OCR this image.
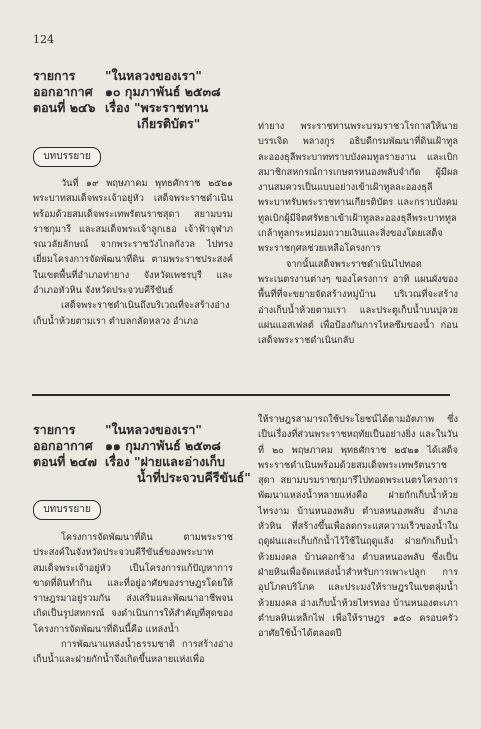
124
รายการ	"ในหลวงของเรา"
ออกอากาศ ๑๐ กุมภาพันธ์ ๒๕๓๘
ตอนที่ ๒๔๖ เรื่อง "พระราชทาน
เกียรติบัตร"
บทบรรยาย

วันที่ ๑๙ พฤษภาคม พุทธศักราช ๒๕๒๑ พระบาทสมเด็จพระเจ้าอยู่หัว เสด็จพระราชดำเนินพร้อมด้วยสมเด็จพระเทพรัตนราชสุดา สยามบรมราชกุมารี และสมเด็จพระเจ้าลูกเธอ เจ้าฟ้าจุฬาภรณวลัยลักษณ์ จากพระราชวังไกลกังวล ไปทรงเยี่ยมโครงการจัดพัฒนาที่ดิน ตามพระราชประสงค์ ในเขตพื้นที่อำเภอท่ายาง จังหวัดเพชรบุรี และอำเภอหัวหิน จังหวัดประจวบคีรีขันธ์

เสด็จพระราชดำเนินถึงบริเวณที่จะสร้างอ่างเก็บน้ำห้วยตามเรา ตำบลกลัดหลวง อำเภอ

ท่ายาง พระราชทานพระบรมราชวโรกาสให้นายบรรเจิด พลางกูร อธิบดีกรมพัฒนาที่ดินเฝ้าทูลละอองธุลีพระบาททราบบังคมทูลรายงาน และเบิกสมาชิกสหกรณ์การเกษตรหนองพลับจำกัด ผู้มีผลงานสมควรเป็นแบบอย่างเข้าเฝ้าทูลละอองธุลีพระบาทรับพระราชทานเกียรติบัตร และกราบบังคมทูลเบิกผู้มีจิตศรัทธาเข้าเฝ้าทูลละอองธุลีพระบาททูลเกล้าทูลกระหม่อมถวายเงินและสิ่งของโดยเสด็จพระราชกุศลช่วยเหลือโครงการ

จากนั้นเสด็จพระราชดำเนินไปทอดพระเนตรงานต่างๆ ของโครงการ อาทิ แผนผังของพื้นที่ที่จะขยายจัดสร้างหมู่บ้าน บริเวณที่จะสร้างอ่างเก็บน้ำห้วยตามเรา และประตูเก็บน้ำบนปุลวยแผ่นแอสเฟลต์ เพื่อป้องกันการไหลซึมของน้ำ ก่อนเสด็จพระราชดำเนินกลับ

รายการ	"ในหลวงของเรา"
ออกอากาศ ๑๑ กุมภาพันธ์ ๒๕๓๘
ตอนที่ ๒๔๗ เรื่อง "ฝายและอ่างเก็บ
น้ำที่ประจวบคีรีขันธ์"
บทบรรยาย

โครงการจัดพัฒนาที่ดิน ตามพระราชประสงค์ในจังหวัดประจวบคีรีขันธ์ของพระบาทสมเด็จพระเจ้าอยู่หัว เป็นโครงการแก้ปัญหาการขาดที่ดินทำกิน และที่อยู่อาศัยของราษฎรโดยให้ราษฎรมาอยู่รวมกัน ส่งเสริมและพัฒนาอาชีพจนเกิดเป็นรูปสหกรณ์ จงดำเนินการให้สำคัญที่สุดของโครงการจัดพัฒนาที่ดินนี้คือ แหล่งน้ำ

การพัฒนาแหล่งน้ำธรรมชาติ การสร้างอ่างเก็บน้ำและฝายกักน้ำจึงเกิดขึ้นหลายแห่งเพื่อ

ให้ราษฎรสามารถใช้ประโยชน์ได้ตามอัตภาพ ซึ่งเป็นเรื่องที่ส่วนพระราชหฤทัยเป็นอย่างยิ่ง และในวันที่ ๒๐ พฤษภาคม พุทธศักราช ๒๕๒๑ ได้เสด็จพระราชดำเนินพร้อมด้วยสมเด็จพระเทพรัตนราชสุดา สยามบรมราชกุมารีไปทอดพระเนตรโครงการพัฒนาแหล่งน้ำหลายแห่งคือ ฝายกักเก็บน้ำห้วยไทรงาม บ้านหนองพลับ ตำบลหนองพลับ อำเภอหัวหิน ที่สร้างขึ้นเพื่อลดกระแสความเร็วของน้ำในฤดูฝนและเก็บกักน้ำไว้ใช้ในฤดูแล้ง ฝายกักเก็บน้ำห้วยมงคล บ้านคอกช้าง ตำบลหนองพลับ ซึ่งเป็นฝ่ายหินเพื่อจัดแหล่งน้ำสำหรับการเพาะปลูก การอุปโภคบริโภค และประมงให้ราษฎรในเขตลุ่มน้ำห้วยมงคล อ่างเก็บน้ำห้วยไทรทอง บ้านหนองตะเภา ตำบลหินเหล็กไฟ เพื่อให้ราษฎร ๑๕๐ ครอบครัวอาศัยใช้น้ำได้ตลอดปี
